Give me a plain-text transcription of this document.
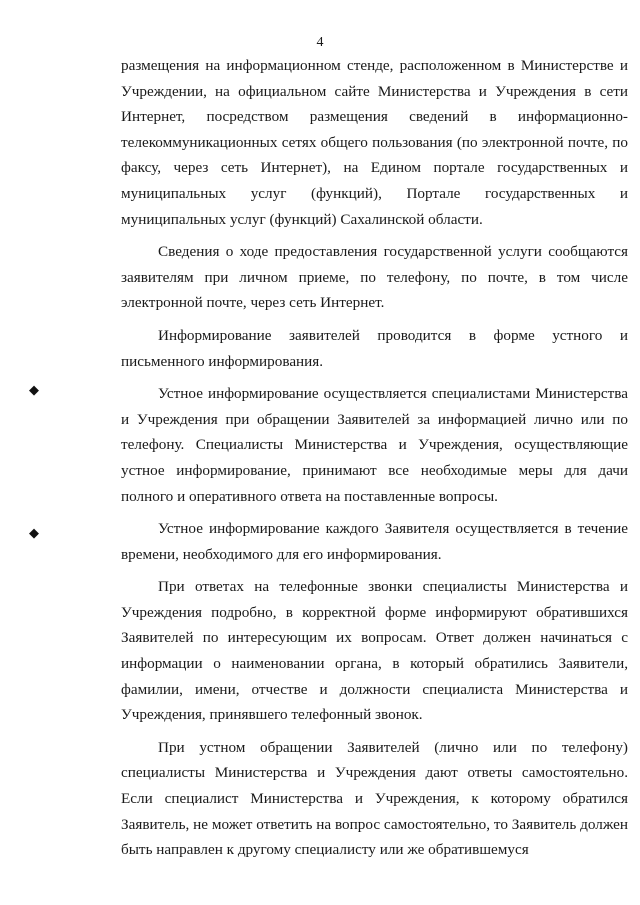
4
◆
◆

размещения на информационном стенде, расположенном в Министерстве и Учреждении, на официальном сайте Министерства и Учреждения в сети Интернет, посредством размещения сведений в информационно-телекоммуникационных сетях общего пользования (по электронной почте, по факсу, через сеть Интернет), на Едином портале государственных и муниципальных услуг (функций), Портале государственных и муниципальных услуг (функций) Сахалинской области.

Сведения о ходе предоставления государственной услуги сообщаются заявителям при личном приеме, по телефону, по почте, в том числе электронной почте, через сеть Интернет.

Информирование заявителей проводится в форме устного и письменного информирования.

Устное информирование осуществляется специалистами Министерства и Учреждения при обращении Заявителей за информацией лично или по телефону. Специалисты Министерства и Учреждения, осуществляющие устное информирование, принимают все необходимые меры для дачи полного и оперативного ответа на поставленные вопросы.

Устное информирование каждого Заявителя осуществляется в течение времени, необходимого для его информирования.

При ответах на телефонные звонки специалисты Министерства и Учреждения подробно, в корректной форме информируют обратившихся Заявителей по интересующим их вопросам. Ответ должен начинаться с информации о наименовании органа, в который обратились Заявители, фамилии, имени, отчестве и должности специалиста Министерства и Учреждения, принявшего телефонный звонок.

При устном обращении Заявителей (лично или по телефону) специалисты Министерства и Учреждения дают ответы самостоятельно. Если специалист Министерства и Учреждения, к которому обратился Заявитель, не может ответить на вопрос самостоятельно, то Заявитель должен быть направлен к другому специалисту или же обратившемуся
